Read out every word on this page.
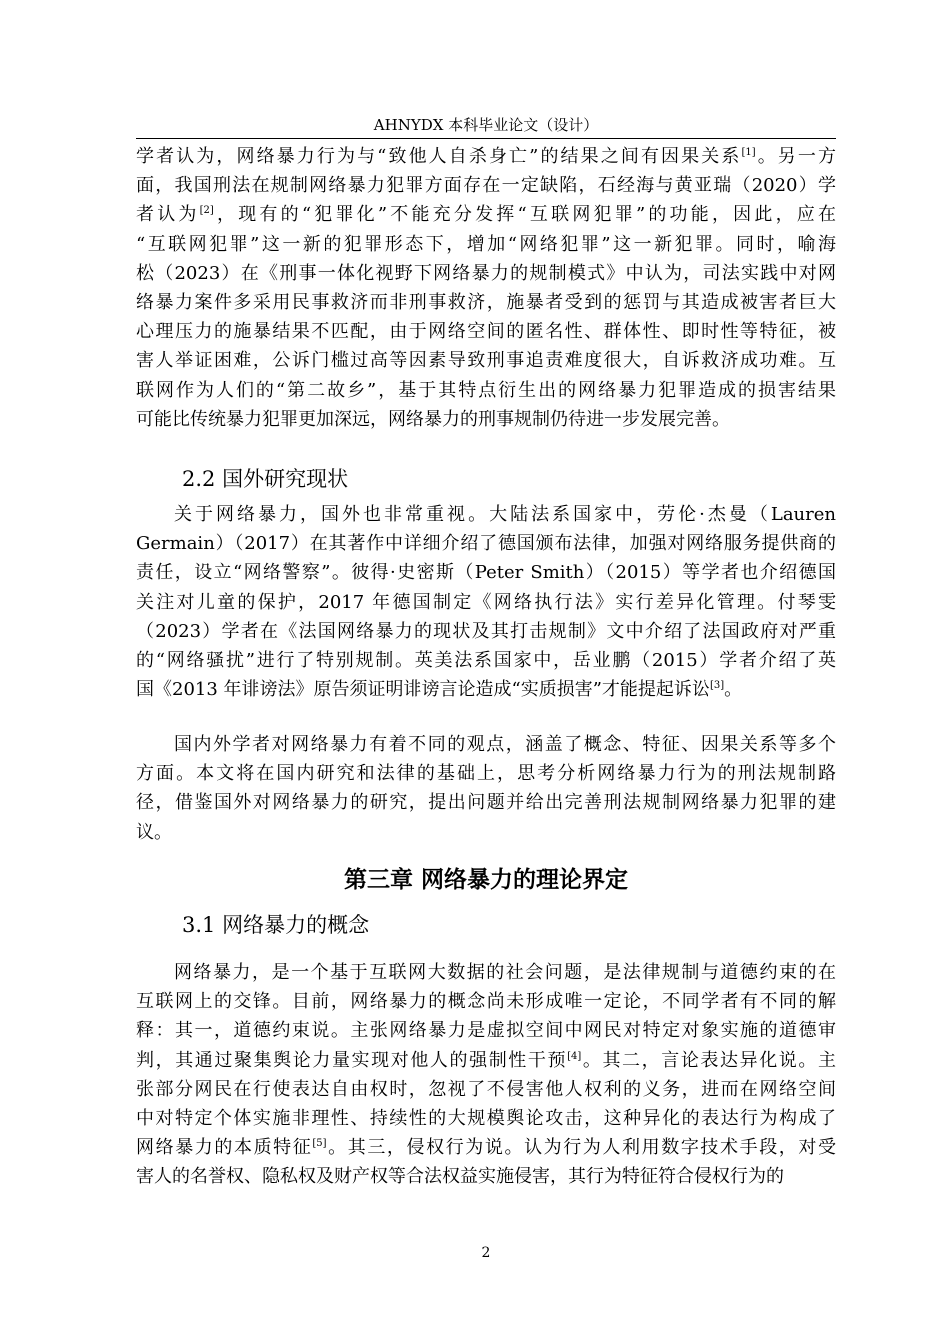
AHNYDX 本科毕业论文（设计）
学者认为，网络暴力行为与“致他人自杀身亡”的结果之间有因果关系[1]。另一方
面，我国刑法在规制网络暴力犯罪方面存在一定缺陷，石经海与黄亚瑞（2020）学
者认为[2]，现有的“犯罪化”不能充分发挥“互联网犯罪”的功能，因此，应在
“互联网犯罪”这一新的犯罪形态下，增加“网络犯罪”这一新犯罪。同时，喻海
松（2023）在《刑事一体化视野下网络暴力的规制模式》中认为，司法实践中对网
络暴力案件多采用民事救济而非刑事救济，施暴者受到的惩罚与其造成被害者巨大
心理压力的施暴结果不匹配，由于网络空间的匿名性、群体性、即时性等特征，被
害人举证困难，公诉门槛过高等因素导致刑事追责难度很大，自诉救济成功难。互
联网作为人们的“第二故乡”，基于其特点衍生出的网络暴力犯罪造成的损害结果
可能比传统暴力犯罪更加深远，网络暴力的刑事规制仍待进一步发展完善。
关于网络暴力，国外也非常重视。大陆法系国家中，劳伦·杰曼（Lauren
Germain）（2017）在其著作中详细介绍了德国颁布法律，加强对网络服务提供商的
责任，设立“网络警察”。彼得·史密斯（Peter Smith）（2015）等学者也介绍德国
关注对儿童的保护，2017 年德国制定《网络执行法》实行差异化管理。付琴雯
（2023）学者在《法国网络暴力的现状及其打击规制》文中介绍了法国政府对严重
的“网络骚扰”进行了特别规制。英美法系国家中，岳业鹏（2015）学者介绍了英
国《2013 年诽谤法》原告须证明诽谤言论造成“实质损害”才能提起诉讼[3]。
国内外学者对网络暴力有着不同的观点，涵盖了概念、特征、因果关系等多个
方面。本文将在国内研究和法律的基础上，思考分析网络暴力行为的刑法规制路
径，借鉴国外对网络暴力的研究，提出问题并给出完善刑法规制网络暴力犯罪的建
议。
网络暴力，是一个基于互联网大数据的社会问题，是法律规制与道德约束的在
互联网上的交锋。目前，网络暴力的概念尚未形成唯一定论，不同学者有不同的解
释：其一，道德约束说。主张网络暴力是虚拟空间中网民对特定对象实施的道德审
判，其通过聚集舆论力量实现对他人的强制性干预[4]。其二，言论表达异化说。主
张部分网民在行使表达自由权时，忽视了不侵害他人权利的义务，进而在网络空间
中对特定个体实施非理性、持续性的大规模舆论攻击，这种异化的表达行为构成了
网络暴力的本质特征[5]。其三，侵权行为说。认为行为人利用数字技术手段，对受
害人的名誉权、隐私权及财产权等合法权益实施侵害，其行为特征符合侵权行为的
2.2 国外研究现状
第三章 网络暴力的理论界定
3.1 网络暴力的概念
2
